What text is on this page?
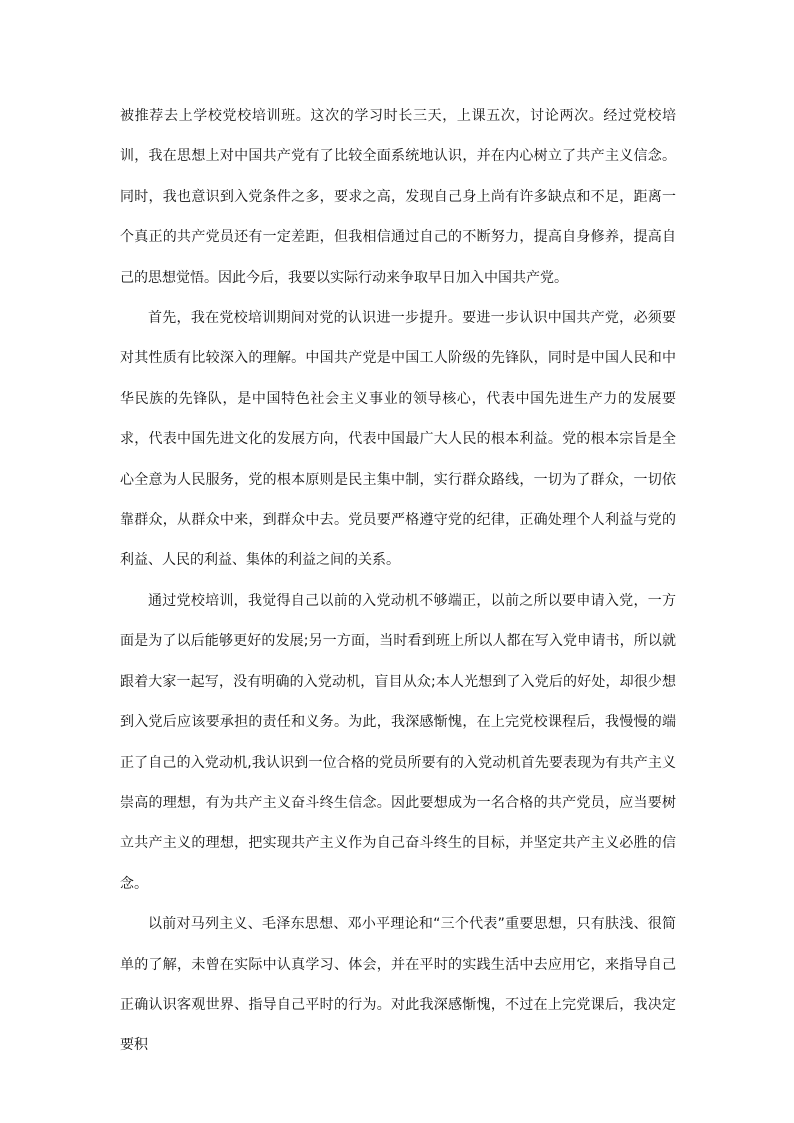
被推荐去上学校党校培训班。这次的学习时长三天，上课五次，讨论两次。经过党校培训，我在思想上对中国共产党有了比较全面系统地认识，并在内心树立了共产主义信念。同时，我也意识到入党条件之多，要求之高，发现自己身上尚有许多缺点和不足，距离一个真正的共产党员还有一定差距，但我相信通过自己的不断努力，提高自身修养，提高自己的思想觉悟。因此今后，我要以实际行动来争取早日加入中国共产党。

首先，我在党校培训期间对党的认识进一步提升。要进一步认识中国共产党，必须要对其性质有比较深入的理解。中国共产党是中国工人阶级的先锋队，同时是中国人民和中华民族的先锋队，是中国特色社会主义事业的领导核心，代表中国先进生产力的发展要求，代表中国先进文化的发展方向，代表中国最广大人民的根本利益。党的根本宗旨是全心全意为人民服务，党的根本原则是民主集中制，实行群众路线，一切为了群众，一切依靠群众，从群众中来，到群众中去。党员要严格遵守党的纪律，正确处理个人利益与党的利益、人民的利益、集体的利益之间的关系。

通过党校培训，我觉得自己以前的入党动机不够端正，以前之所以要申请入党，一方面是为了以后能够更好的发展;另一方面，当时看到班上所以人都在写入党申请书，所以就跟着大家一起写，没有明确的入党动机，盲目从众;本人光想到了入党后的好处，却很少想到入党后应该要承担的责任和义务。为此，我深感惭愧，在上完党校课程后，我慢慢的端正了自己的入党动机,我认识到一位合格的党员所要有的入党动机首先要表现为有共产主义崇高的理想，有为共产主义奋斗终生信念。因此要想成为一名合格的共产党员，应当要树立共产主义的理想，把实现共产主义作为自己奋斗终生的目标，并坚定共产主义必胜的信念。

以前对马列主义、毛泽东思想、邓小平理论和“三个代表”重要思想，只有肤浅、很简单的了解，未曾在实际中认真学习、体会，并在平时的实践生活中去应用它，来指导自己正确认识客观世界、指导自己平时的行为。对此我深感惭愧，不过在上完党课后，我决定要积
